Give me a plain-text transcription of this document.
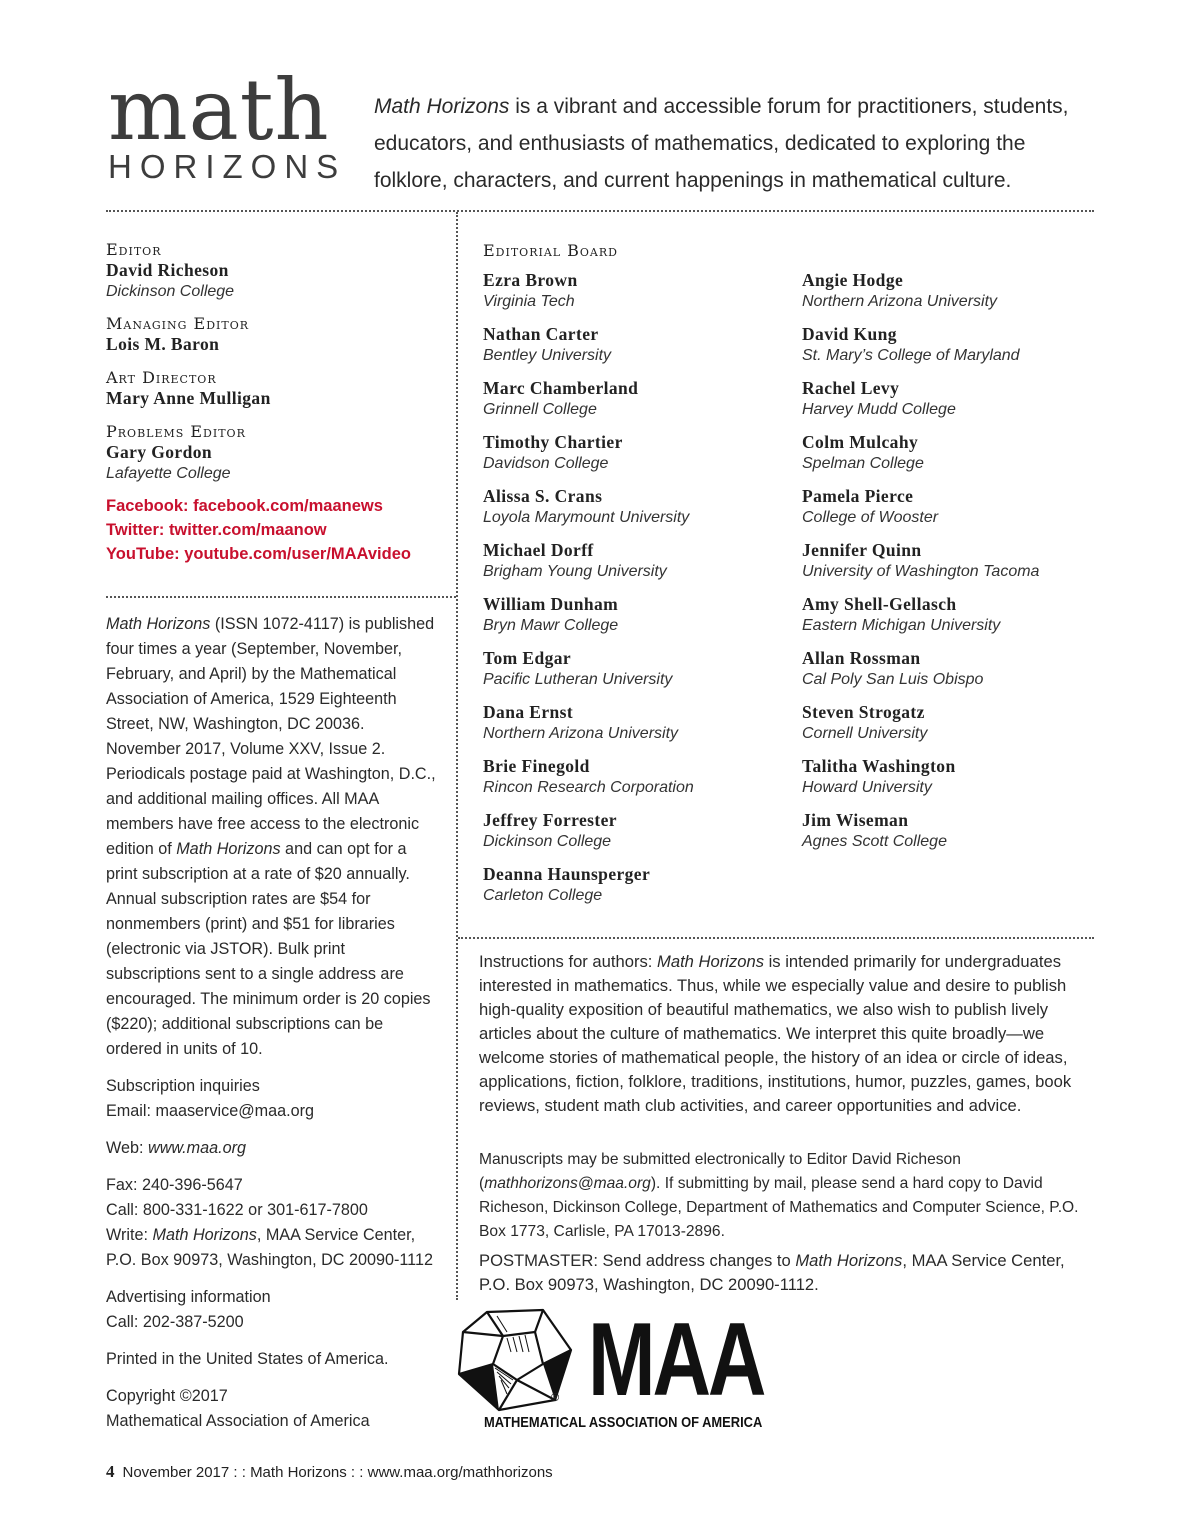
math
HORIZONS
Math Horizons is a vibrant and accessible forum for practitioners, students, educators, and enthusiasts of mathematics, dedicated to exploring the folklore, characters, and current happenings in mathematical culture.
Editor
David Richeson
Dickinson College
Managing Editor
Lois M. Baron
Art Director
Mary Anne Mulligan
Problems Editor
Gary Gordon
Lafayette College
Facebook: facebook.com/maanews
Twitter: twitter.com/maanow
YouTube: youtube.com/user/MAAvideo
Math Horizons (ISSN 1072-4117) is published four times a year (September, November, February, and April) by the Mathematical Association of America, 1529 Eighteenth Street, NW, Washington, DC 20036. November 2017, Volume XXV, Issue 2. Periodicals postage paid at Washington, D.C., and additional mailing offices. All MAA members have free access to the electronic edition of Math Horizons and can opt for a print subscription at a rate of $20 annually. Annual subscription rates are $54 for nonmembers (print) and $51 for libraries (electronic via JSTOR). Bulk print subscriptions sent to a single address are encouraged. The minimum order is 20 copies ($220); additional subscriptions can be ordered in units of 10.
Subscription inquiries
Email: maaservice@maa.org
Web: www.maa.org
Fax: 240-396-5647
Call: 800-331-1622 or 301-617-7800
Write: Math Horizons, MAA Service Center, P.O. Box 90973, Washington, DC 20090-1112
Advertising information
Call: 202-387-5200
Printed in the United States of America.
Copyright ©2017
Mathematical Association of America
Editorial Board
Ezra Brown
Virginia Tech
Nathan Carter
Bentley University
Marc Chamberland
Grinnell College
Timothy Chartier
Davidson College
Alissa S. Crans
Loyola Marymount University
Michael Dorff
Brigham Young University
William Dunham
Bryn Mawr College
Tom Edgar
Pacific Lutheran University
Dana Ernst
Northern Arizona University
Brie Finegold
Rincon Research Corporation
Jeffrey Forrester
Dickinson College
Deanna Haunsperger
Carleton College
Angie Hodge
Northern Arizona University
David Kung
St. Mary’s College of Maryland
Rachel Levy
Harvey Mudd College
Colm Mulcahy
Spelman College
Pamela Pierce
College of Wooster
Jennifer Quinn
University of Washington Tacoma
Amy Shell-Gellasch
Eastern Michigan University
Allan Rossman
Cal Poly San Luis Obispo
Steven Strogatz
Cornell University
Talitha Washington
Howard University
Jim Wiseman
Agnes Scott College
Instructions for authors: Math Horizons is intended primarily for undergraduates interested in mathematics. Thus, while we especially value and desire to publish high-quality exposition of beautiful mathematics, we also wish to publish lively articles about the culture of mathematics. We interpret this quite broadly—we welcome stories of mathematical people, the history of an idea or circle of ideas, applications, fiction, folklore, traditions, institutions, humor, puzzles, games, book reviews, student math club activities, and career opportunities and advice.
Manuscripts may be submitted electronically to Editor David Richeson (mathhorizons@maa.org). If submitting by mail, please send a hard copy to David Richeson, Dickinson College, Department of Mathematics and Computer Science, P.O. Box 1773, Carlisle, PA 17013-2896.
POSTMASTER: Send address changes to Math Horizons, MAA Service Center, P.O. Box 90973, Washington, DC 20090-1112.
® MAA
MATHEMATICAL ASSOCIATION OF AMERICA
4 November 2017 : : Math Horizons : : www.maa.org/mathhorizons
